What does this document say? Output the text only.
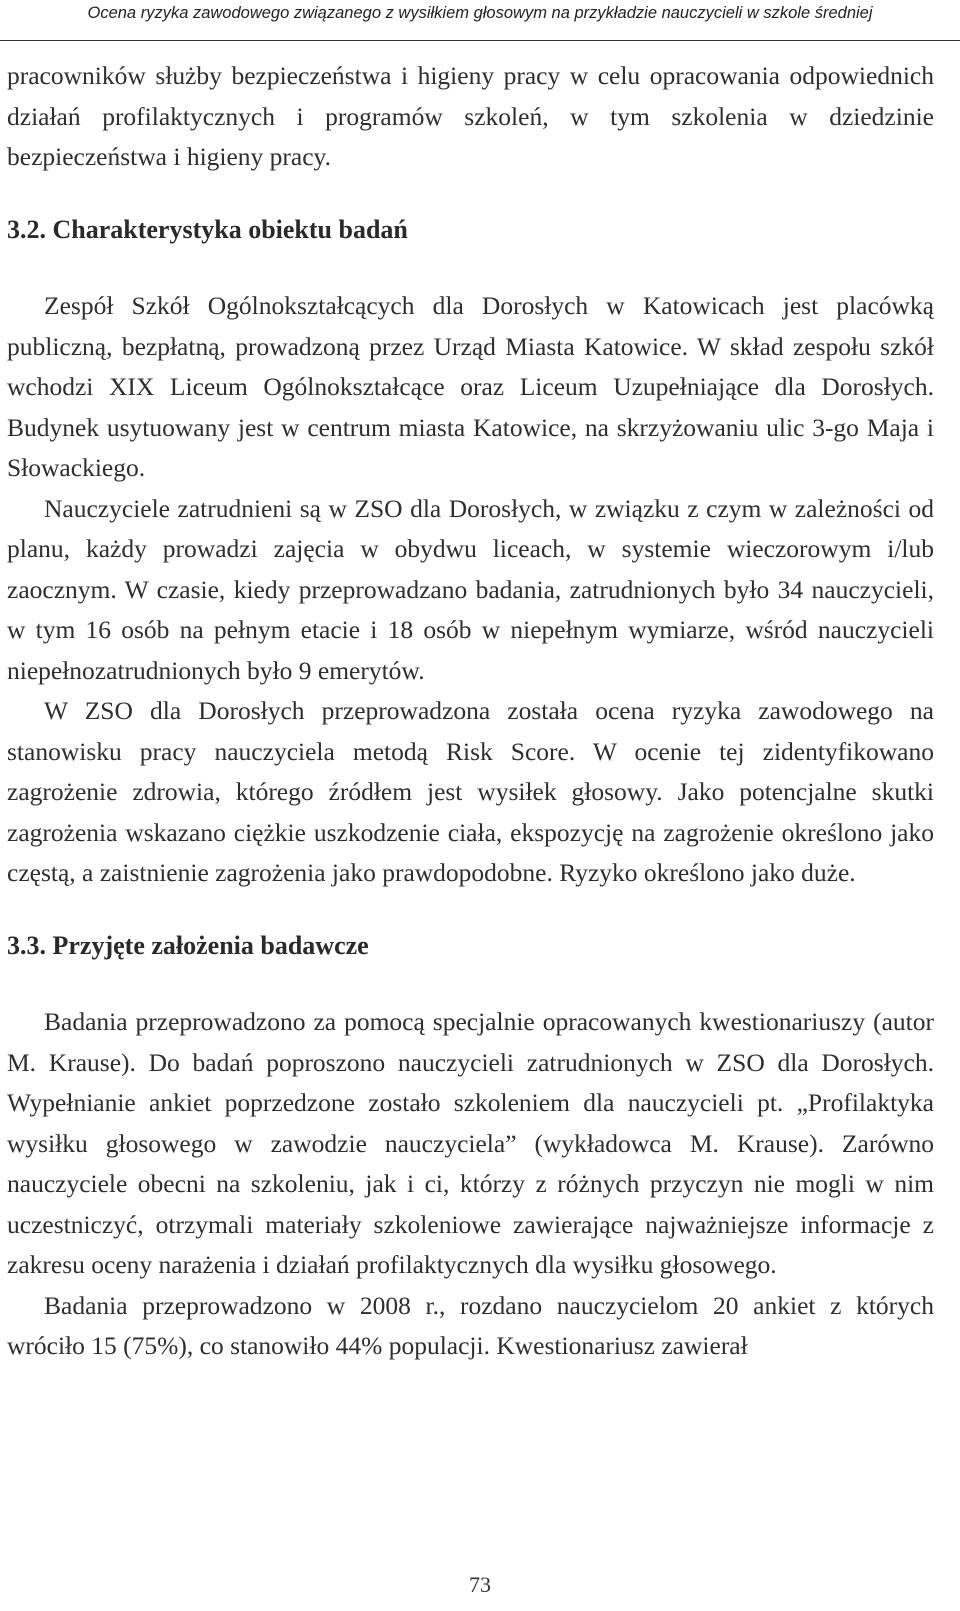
Ocena ryzyka zawodowego związanego z wysiłkiem głosowym na przykładzie nauczycieli w szkole średniej

pracowników służby bezpieczeństwa i higieny pracy w celu opracowania odpowiednich działań profilaktycznych i programów szkoleń, w tym szkolenia w dziedzinie bezpieczeństwa i higieny pracy.

3.2. Charakterystyka obiektu badań

Zespół Szkół Ogólnokształcących dla Dorosłych w Katowicach jest placówką publiczną, bezpłatną, prowadzoną przez Urząd Miasta Katowice. W skład zespołu szkół wchodzi XIX Liceum Ogólnokształcące oraz Liceum Uzupełniające dla Dorosłych. Budynek usytuowany jest w centrum miasta Katowice, na skrzyżowaniu ulic 3-go Maja i Słowackiego.

Nauczyciele zatrudnieni są w ZSO dla Dorosłych, w związku z czym w zależności od planu, każdy prowadzi zajęcia w obydwu liceach, w systemie wieczorowym i/lub zaocznym. W czasie, kiedy przeprowadzano badania, zatrudnionych było 34 nauczycieli, w tym 16 osób na pełnym etacie i 18 osób w niepełnym wymiarze, wśród nauczycieli niepełnozatrudnionych było 9 emerytów.

W ZSO dla Dorosłych przeprowadzona została ocena ryzyka zawodowego na stanowisku pracy nauczyciela metodą Risk Score. W ocenie tej zidentyfikowano zagrożenie zdrowia, którego źródłem jest wysiłek głosowy. Jako potencjalne skutki zagrożenia wskazano ciężkie uszkodzenie ciała, ekspozycję na zagrożenie określono jako częstą, a zaistnienie zagrożenia jako prawdopodobne. Ryzyko określono jako duże.

3.3. Przyjęte założenia badawcze

Badania przeprowadzono za pomocą specjalnie opracowanych kwestionariuszy (autor M. Krause). Do badań poproszono nauczycieli zatrudnionych w ZSO dla Dorosłych. Wypełnianie ankiet poprzedzone zostało szkoleniem dla nauczycieli pt. „Profilaktyka wysiłku głosowego w zawodzie nauczyciela” (wykładowca M. Krause). Zarówno nauczyciele obecni na szkoleniu, jak i ci, którzy z różnych przyczyn nie mogli w nim uczestniczyć, otrzymali materiały szkoleniowe zawierające najważniejsze informacje z zakresu oceny narażenia i działań profilaktycznych dla wysiłku głosowego.

Badania przeprowadzono w 2008 r., rozdano nauczycielom 20 ankiet z których wróciło 15 (75%), co stanowiło 44% populacji. Kwestionariusz zawierał

73
